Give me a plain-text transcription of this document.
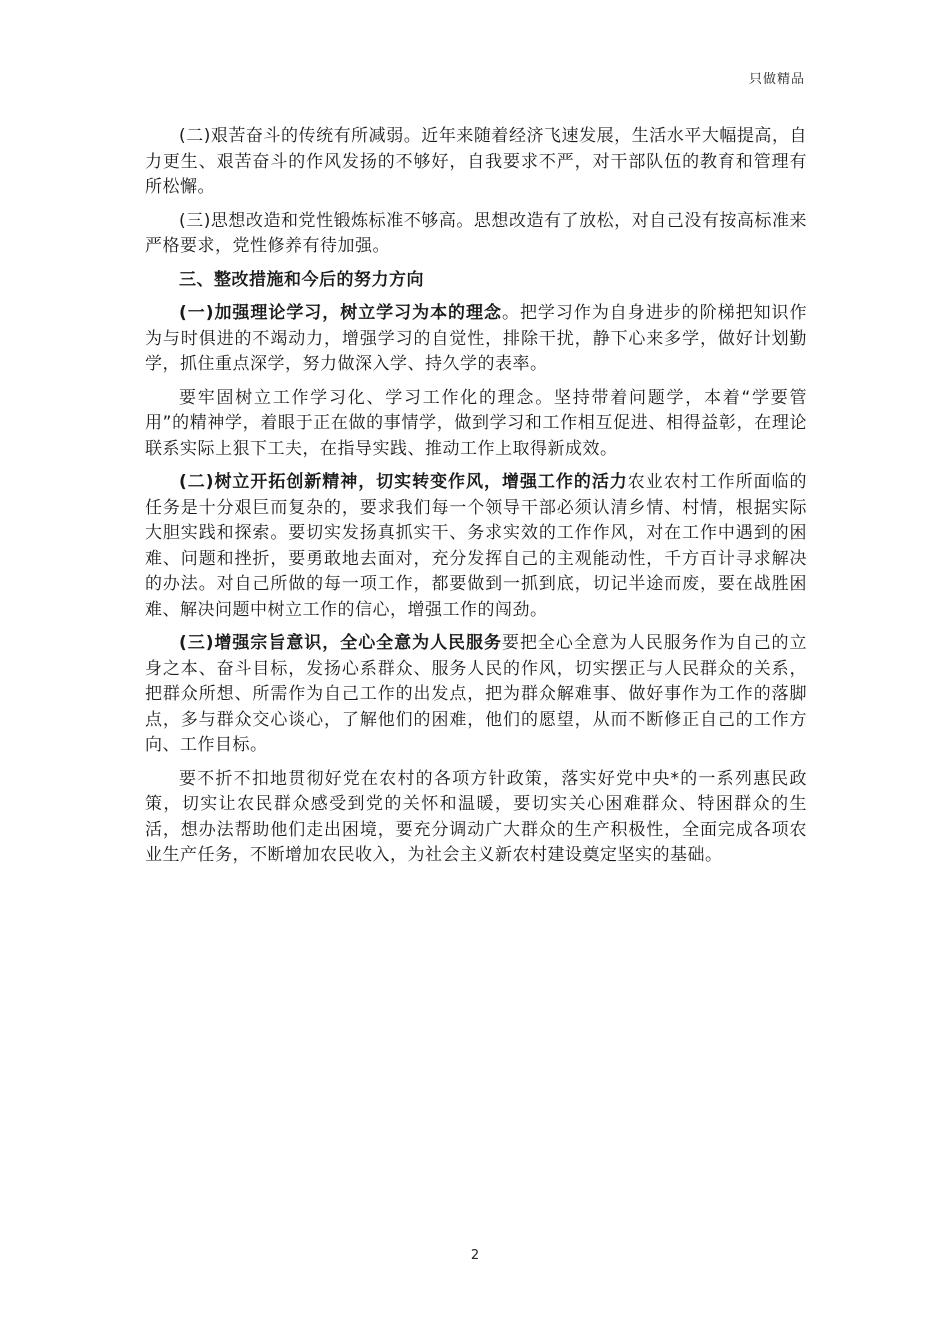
只做精品

(二)艰苦奋斗的传统有所减弱。近年来随着经济飞速发展，生活水平大幅提高，自力更生、艰苦奋斗的作风发扬的不够好，自我要求不严，对干部队伍的教育和管理有所松懈。

(三)思想改造和党性锻炼标准不够高。思想改造有了放松，对自己没有按高标准来严格要求，党性修养有待加强。

三、整改措施和今后的努力方向

(一)加强理论学习，树立学习为本的理念。把学习作为自身进步的阶梯把知识作为与时俱进的不竭动力，增强学习的自觉性，排除干扰，静下心来多学，做好计划勤学，抓住重点深学，努力做深入学、持久学的表率。

要牢固树立工作学习化、学习工作化的理念。坚持带着问题学，本着“学要管用”的精神学，着眼于正在做的事情学，做到学习和工作相互促进、相得益彰，在理论联系实际上狠下工夫，在指导实践、推动工作上取得新成效。

(二)树立开拓创新精神，切实转变作风，增强工作的活力农业农村工作所面临的任务是十分艰巨而复杂的，要求我们每一个领导干部必须认清乡情、村情，根据实际大胆实践和探索。要切实发扬真抓实干、务求实效的工作作风，对在工作中遇到的困难、问题和挫折，要勇敢地去面对，充分发挥自己的主观能动性，千方百计寻求解决的办法。对自己所做的每一项工作，都要做到一抓到底，切记半途而废，要在战胜困难、解决问题中树立工作的信心，增强工作的闯劲。

(三)增强宗旨意识，全心全意为人民服务要把全心全意为人民服务作为自己的立身之本、奋斗目标，发扬心系群众、服务人民的作风，切实摆正与人民群众的关系，把群众所想、所需作为自己工作的出发点，把为群众解难事、做好事作为工作的落脚点，多与群众交心谈心，了解他们的困难，他们的愿望，从而不断修正自己的工作方向、工作目标。

要不折不扣地贯彻好党在农村的各项方针政策，落实好党中央*的一系列惠民政策，切实让农民群众感受到党的关怀和温暖，要切实关心困难群众、特困群众的生活，想办法帮助他们走出困境，要充分调动广大群众的生产积极性，全面完成各项农业生产任务，不断增加农民收入，为社会主义新农村建设奠定坚实的基础。

2
